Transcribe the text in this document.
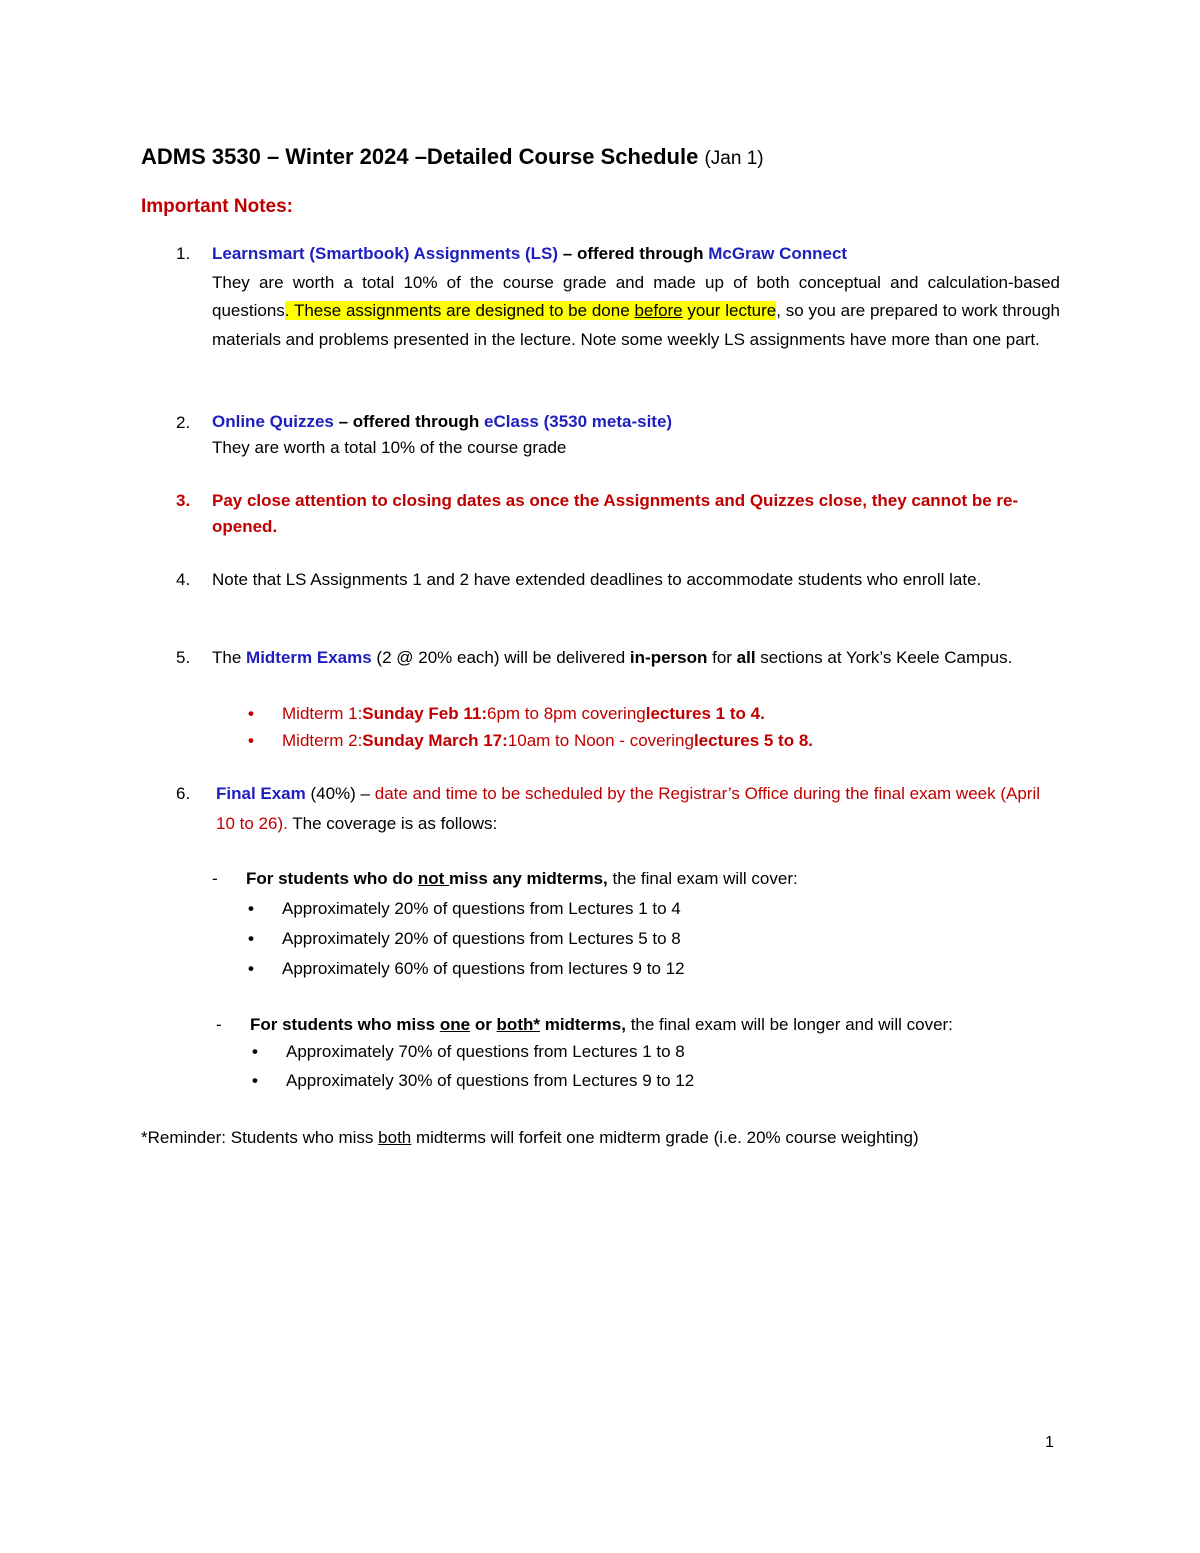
ADMS 3530 – Winter 2024 –Detailed Course Schedule (Jan 1)
Important Notes:
1.	Learnsmart (Smartbook) Assignments (LS) – offered through McGraw Connect
They are worth a total 10% of the course grade and made up of both conceptual and calculation-based questions. These assignments are designed to be done before your lecture, so you are prepared to work through materials and problems presented in the lecture. Note some weekly LS assignments have more than one part.
2.	Online Quizzes – offered through eClass (3530 meta-site)
They are worth a total 10% of the course grade
3.	Pay close attention to closing dates as once the Assignments and Quizzes close, they cannot be re-opened.
4.	Note that LS Assignments 1 and 2 have extended deadlines to accommodate students who enroll late.
5.	The Midterm Exams (2 @ 20% each) will be delivered in-person for all sections at York’s Keele Campus.
•	Midterm 1: Sunday Feb 11: 6pm to 8pm covering lectures 1 to 4.
•	Midterm 2: Sunday March 17: 10am to Noon - covering lectures 5 to 8.
6.	Final Exam (40%) – date and time to be scheduled by the Registrar’s Office during the final exam week (April 10 to 26). The coverage is as follows:
-	For students who do not miss any midterms, the final exam will cover:
•	Approximately 20% of questions from Lectures 1 to 4
•	Approximately 20% of questions from Lectures 5 to 8
•	Approximately 60% of questions from lectures 9 to 12
-	For students who miss one or both* midterms, the final exam will be longer and will cover:
•	Approximately 70% of questions from Lectures 1 to 8
•	Approximately 30% of questions from Lectures 9 to 12
*Reminder: Students who miss both midterms will forfeit one midterm grade (i.e. 20% course weighting)
1
